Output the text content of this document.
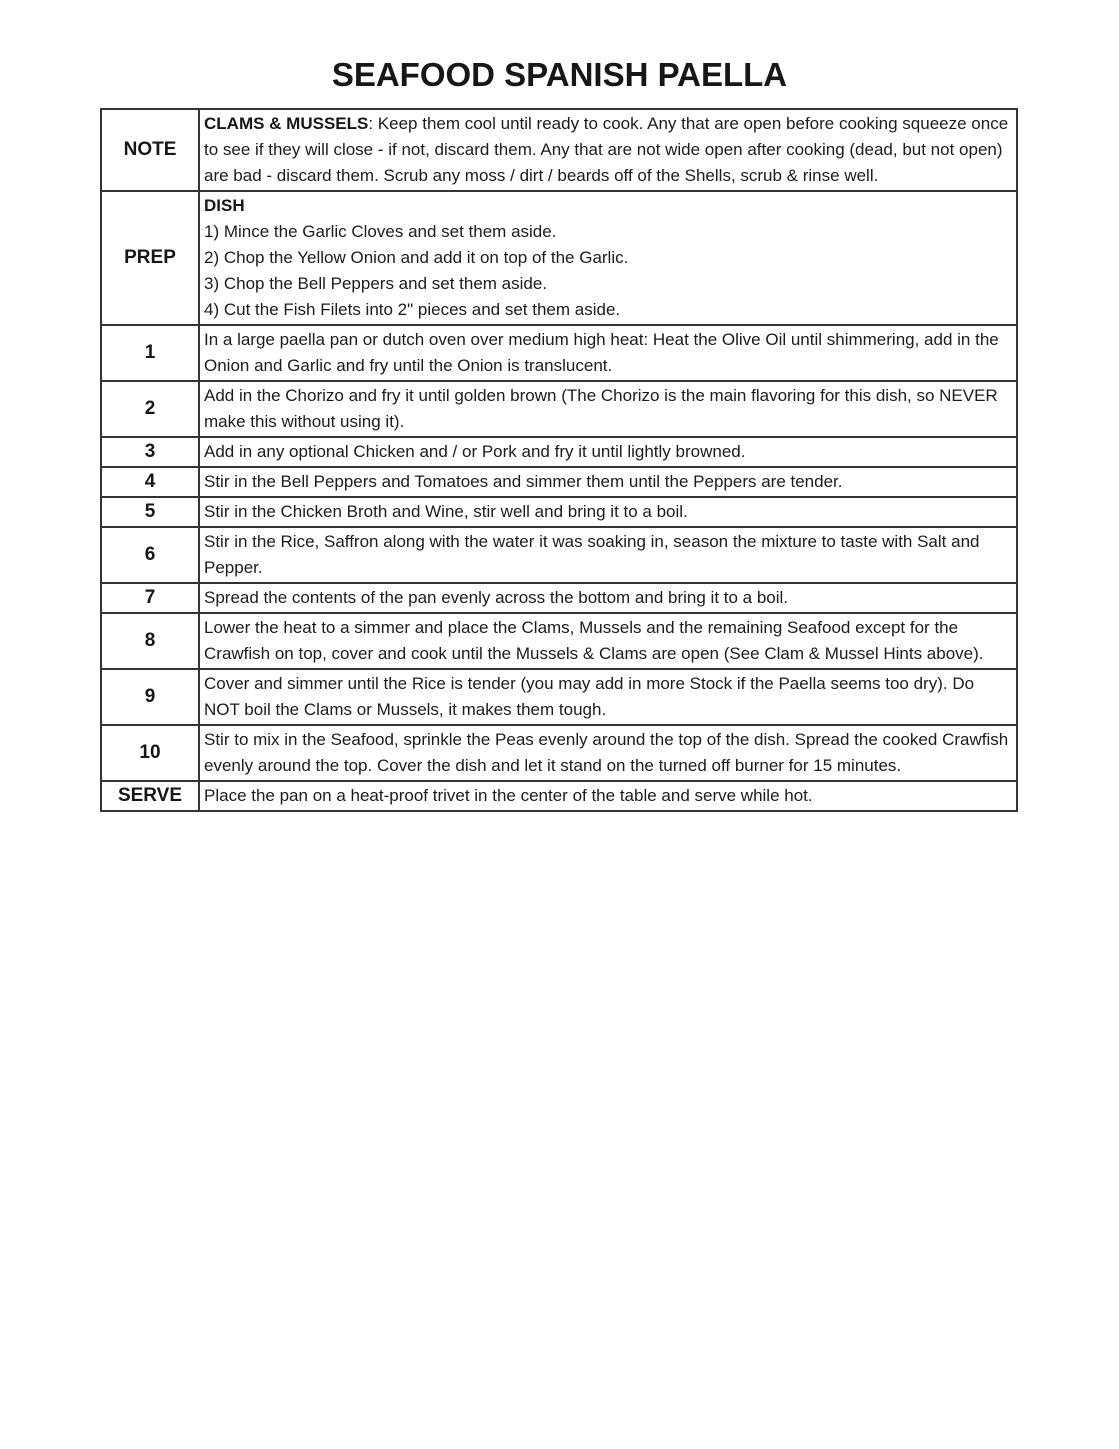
SEAFOOD SPANISH PAELLA
NOTE	CLAMS & MUSSELS: Keep them cool until ready to cook. Any that are open before cooking squeeze once to see if they will close - if not, discard them. Any that are not wide open after cooking (dead, but not open) are bad - discard them. Scrub any moss / dirt / beards off of the Shells, scrub & rinse well.
PREP	DISH
1) Mince the Garlic Cloves and set them aside.
2) Chop the Yellow Onion and add it on top of the Garlic.
3) Chop the Bell Peppers and set them aside.
4) Cut the Fish Filets into 2" pieces and set them aside.

1	In a large paella pan or dutch oven over medium high heat: Heat the Olive Oil until shimmering, add in the Onion and Garlic and fry until the Onion is translucent.
2	Add in the Chorizo and fry it until golden brown (The Chorizo is the main flavoring for this dish, so NEVER make this without using it).
3	Add in any optional Chicken and / or Pork and fry it until lightly browned.
4	Stir in the Bell Peppers and Tomatoes and simmer them until the Peppers are tender.
5	Stir in the Chicken Broth and Wine, stir well and bring it to a boil.
6	Stir in the Rice, Saffron along with the water it was soaking in, season the mixture to taste with Salt and Pepper.
7	Spread the contents of the pan evenly across the bottom and bring it to a boil.
8	Lower the heat to a simmer and place the Clams, Mussels and the remaining Seafood except for the Crawfish on top, cover and cook until the Mussels & Clams are open (See Clam & Mussel Hints above).
9	Cover and simmer until the Rice is tender (you may add in more Stock if the Paella seems too dry). Do NOT boil the Clams or Mussels, it makes them tough.
10	Stir to mix in the Seafood, sprinkle the Peas evenly around the top of the dish. Spread the cooked Crawfish evenly around the top. Cover the dish and let it stand on the turned off burner for 15 minutes.
SERVE	Place the pan on a heat-proof trivet in the center of the table and serve while hot.
